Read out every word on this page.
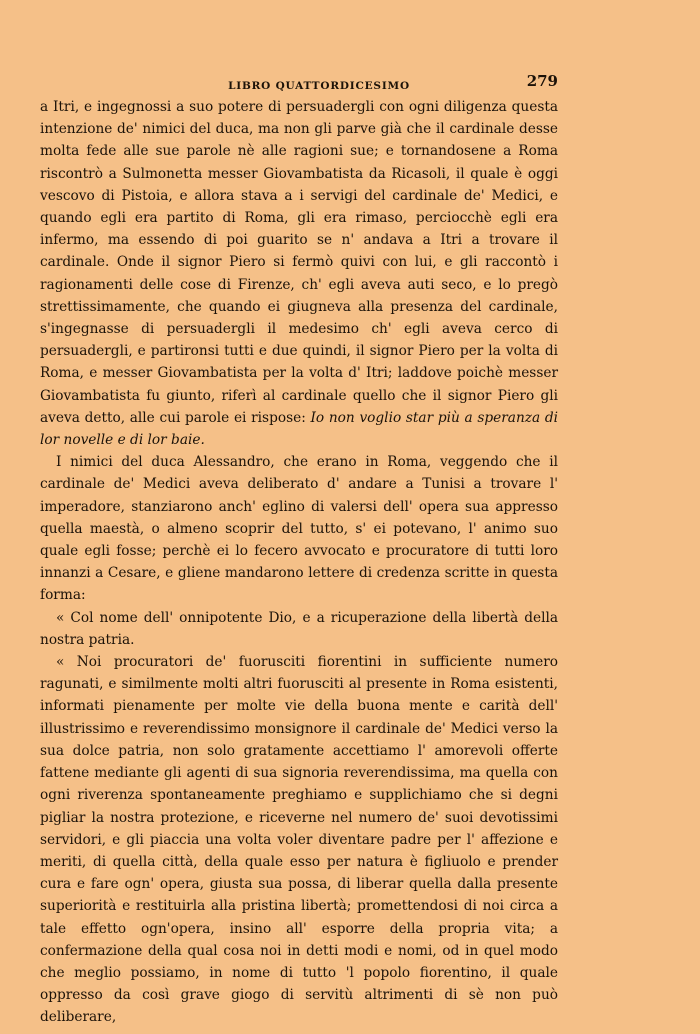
LIBRO QUATTORDICESIMO	279

a Itri, e ingegnossi a suo potere di persuadergli con ogni diligenza questa intenzione de' nimici del duca, ma non gli parve già che il cardinale desse molta fede alle sue parole nè alle ragioni sue; e tornandosene a Roma riscontrò a Sulmonetta messer Giovambatista da Ricasoli, il quale è oggi vescovo di Pistoia, e allora stava a i servigi del cardinale de' Medici, e quando egli era partito di Roma, gli era rimaso, perciocchè egli era infermo, ma essendo di poi guarito se n' andava a Itri a trovare il cardinale. Onde il signor Piero si fermò quivi con lui, e gli raccontò i ragionamenti delle cose di Firenze, ch' egli aveva auti seco, e lo pregò strettissimamente, che quando ei giugneva alla presenza del cardinale, s'ingegnasse di persuadergli il medesimo ch' egli aveva cerco di persuadergli, e partironsi tutti e due quindi, il signor Piero per la volta di Roma, e messer Giovambatista per la volta d' Itri; laddove poichè messer Giovambatista fu giunto, riferì al cardinale quello che il signor Piero gli aveva detto, alle cui parole ei rispose: Io non voglio star più a speranza di lor novelle e di lor baie.

I nimici del duca Alessandro, che erano in Roma, veggendo che il cardinale de' Medici aveva deliberato d' andare a Tunisi a trovare l' imperadore, stanziarono anch' eglino di valersi dell' opera sua appresso quella maestà, o almeno scoprir del tutto, s' ei potevano, l' animo suo quale egli fosse; perchè ei lo fecero avvocato e procuratore di tutti loro innanzi a Cesare, e gliene mandarono lettere di credenza scritte in questa forma:

« Col nome dell' onnipotente Dio, e a ricuperazione della libertà della nostra patria.

« Noi procuratori de' fuorusciti fiorentini in sufficiente numero ragunati, e similmente molti altri fuorusciti al presente in Roma esistenti, informati pienamente per molte vie della buona mente e carità dell' illustrissimo e reverendissimo monsignore il cardinale de' Medici verso la sua dolce patria, non solo gratamente accettiamo l' amorevoli offerte fattene mediante gli agenti di sua signoria reverendissima, ma quella con ogni riverenza spontaneamente preghiamo e supplichiamo che si degni pigliar la nostra protezione, e riceverne nel numero de' suoi devotissimi servidori, e gli piaccia una volta voler diventare padre per l' affezione e meriti, di quella città, della quale esso per natura è figliuolo e prender cura e fare ogn' opera, giusta sua possa, di liberar quella dalla presente superiorità e restituirla alla pristina libertà; promettendosi di noi circa a tale effetto ogn'opera, insino all' esporre della propria vita; a confermazione della qual cosa noi in detti modi e nomi, od in quel modo che meglio possiamo, in nome di tutto 'l popolo fiorentino, il quale oppresso da così grave giogo di servitù altrimenti di sè non può deliberare,
